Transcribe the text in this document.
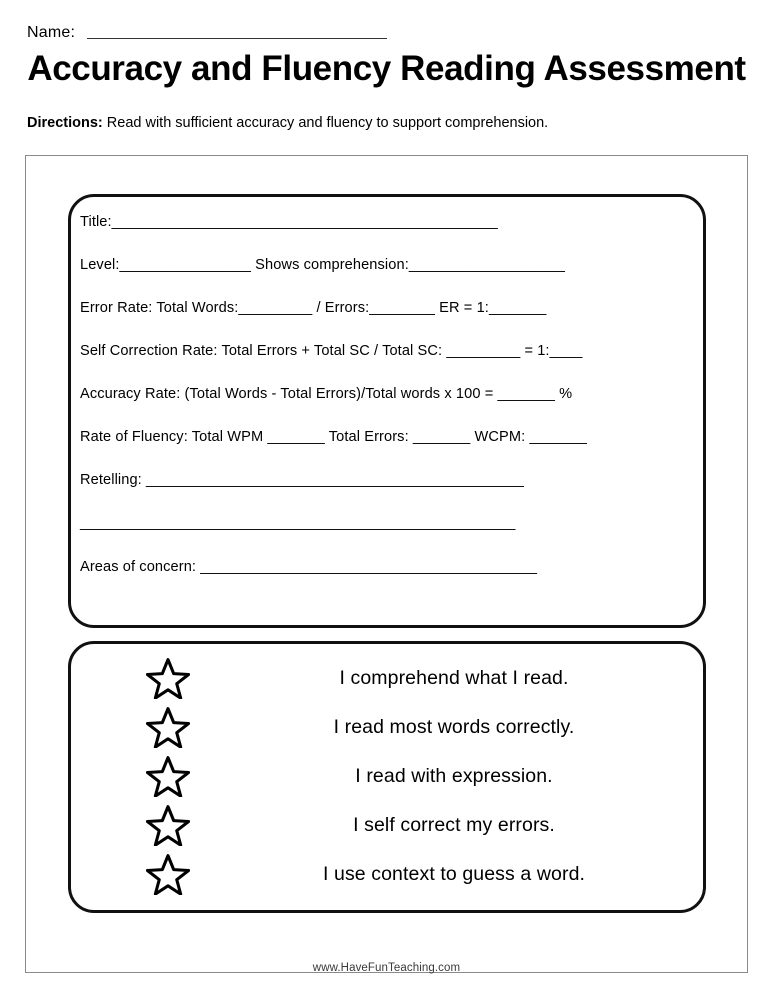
Name:
Accuracy and Fluency Reading Assessment
Directions: Read with sufficient accuracy and fluency to support comprehension.
Title:_______________________________________________
Level:________________ Shows comprehension:___________________
Error Rate: Total Words:_________ / Errors:________ ER = 1:_______
Self Correction Rate: Total Errors + Total SC / Total SC: _________ = 1:____
Accuracy Rate: (Total Words - Total Errors)/Total words x 100 = _______ %
Rate of Fluency: Total WPM _______ Total Errors: _______ WCPM: _______
Retelling: ______________________________________________
_____________________________________________________
Areas of concern: _________________________________________
I comprehend what I read.
I read most words correctly.
I read with expression.
I self correct my errors.
I use context to guess a word.
www.HaveFunTeaching.com
